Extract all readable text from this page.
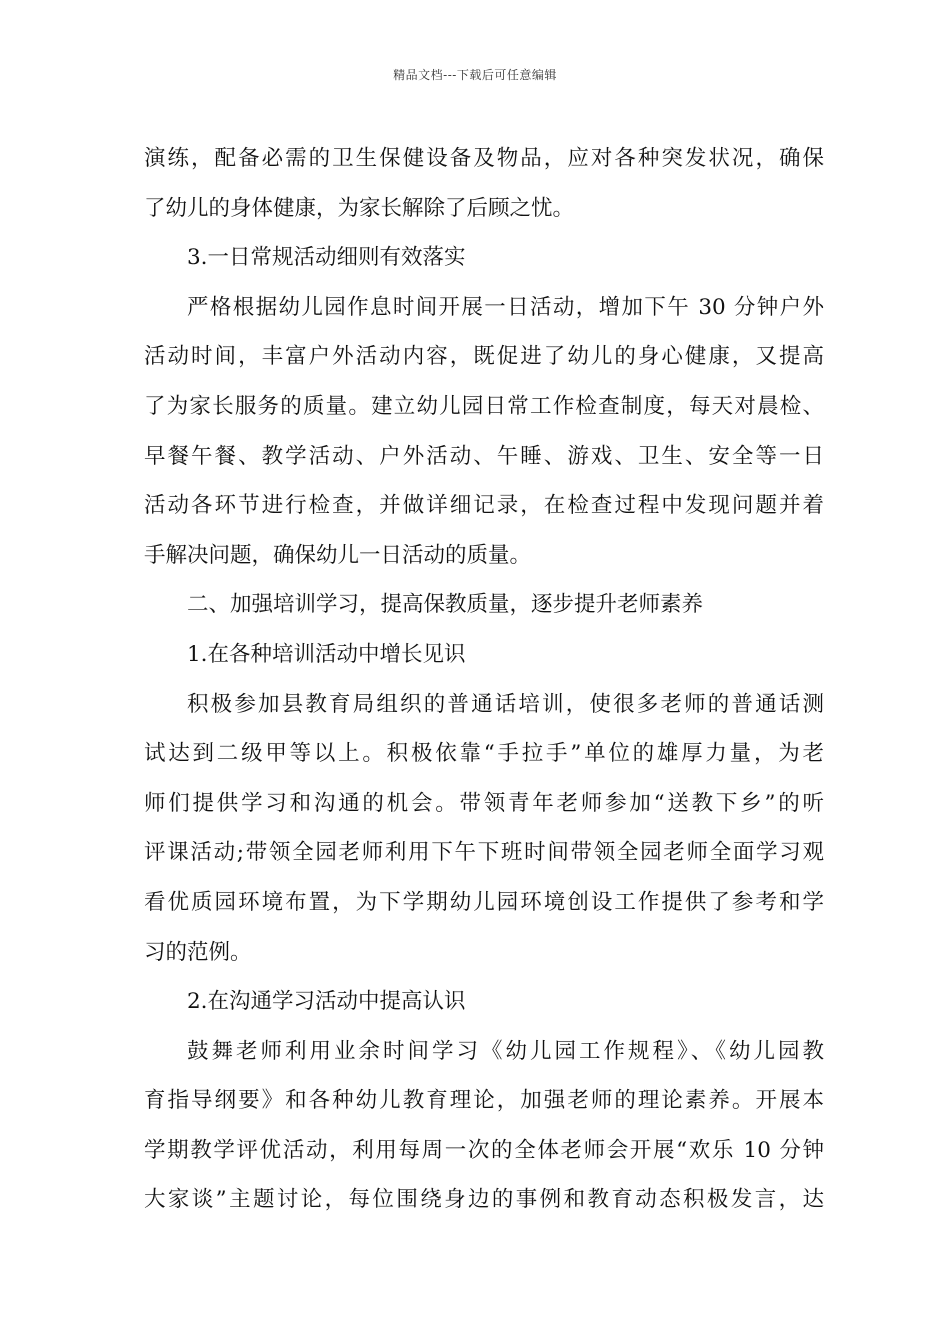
精品文档---下载后可任意编辑
演练，配备必需的卫生保健设备及物品，应对各种突发状况，确保
了幼儿的身体健康，为家长解除了后顾之忧。
3.一日常规活动细则有效落实
严格根据幼儿园作息时间开展一日活动，增加下午 30 分钟户外
活动时间，丰富户外活动内容，既促进了幼儿的身心健康，又提高
了为家长服务的质量。建立幼儿园日常工作检查制度，每天对晨检、
早餐午餐、教学活动、户外活动、午睡、游戏、卫生、安全等一日
活动各环节进行检查，并做详细记录，在检查过程中发现问题并着
手解决问题，确保幼儿一日活动的质量。
二、加强培训学习，提高保教质量，逐步提升老师素养
1.在各种培训活动中增长见识
积极参加县教育局组织的普通话培训，使很多老师的普通话测
试达到二级甲等以上。积极依靠“手拉手”单位的雄厚力量，为老
师们提供学习和沟通的机会。带领青年老师参加“送教下乡”的听
评课活动;带领全园老师利用下午下班时间带领全园老师全面学习观
看优质园环境布置，为下学期幼儿园环境创设工作提供了参考和学
习的范例。
2.在沟通学习活动中提高认识
鼓舞老师利用业余时间学习《幼儿园工作规程》、《幼儿园教
育指导纲要》和各种幼儿教育理论，加强老师的理论素养。开展本
学期教学评优活动，利用每周一次的全体老师会开展“欢乐 10 分钟
大家谈”主题讨论，每位围绕身边的事例和教育动态积极发言，达
